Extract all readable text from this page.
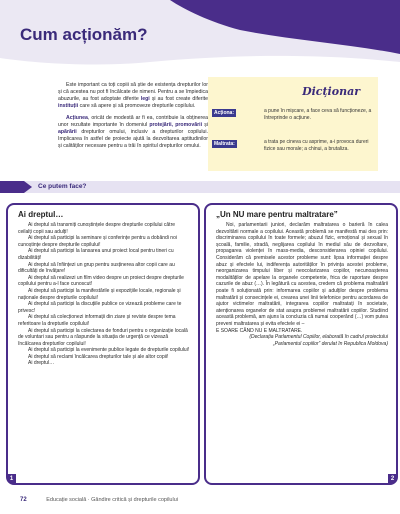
Cum acționăm?

Este important ca toți copiii să știe de existența drepturilor lor și că acestea nu pot fi încălcate de nimeni. Pentru a se împiedica abuzurile, au fost adoptate diferite legi și au fost create diferite instituții care să apere și să promoveze drepturile copilului.

Acțiunea, oricât de modestă ar fi ea, contribuie la obținerea unor rezultate importante în domeniul protejării, promovării și apărării drepturilor omului, inclusiv a drepturilor copilului. Implicarea în astfel de proiecte ajută la dezvoltarea aptitudinilor și calităților necesare pentru a trăi în spiritul drepturilor omului.

Dicționar
Acționa:	a pune în mișcare, a face ceva să funcționeze, a întreprinde o acțiune.
Maltrata:	a trata pe cineva cu asprime, a-i provoca dureri fizice sau morale; a chinui, a brutaliza.
Ce putem face?
Ai dreptul…

Ai dreptul să transmiți cunoștințele despre drepturile copilului către ceilalți copii sau adulți!

Ai dreptul să participi la seminare și conferințe pentru a dobândi noi cunoștințe despre drepturile copilului!

Ai dreptul să participi la lansarea unui proiect local pentru tineri cu dizabilități!

Ai dreptul să înființezi un grup pentru susținerea altor copii care au dificultăți de învățare!

Ai dreptul să realizezi un film video despre un proiect despre drepturile copilului pentru a-l face cunoscut!

Ai dreptul să participi la manifestările și expozițiile locale, regionale și naționale despre drepturile copilului!

Ai dreptul să participi la discuțiile publice ce vizează probleme care te privesc!

Ai dreptul să colecționezi informații din ziare și reviste despre tema referitoare la drepturile copilului!

Ai dreptul să participi la colectarea de fonduri pentru o organizație locală de voluntari sau pentru a răspunde la situația de urgență ce vizează încălcarea drepturilor copilului!

Ai dreptul să participi la evenimente publice legate de drepturile copilului!

Ai dreptul să reclami încălcarea drepturilor tale și ale altor copii!

Ai dreptul…

1
„Un NU mare pentru maltratare”

Noi, parlamentarii juniori, declarăm maltratarea o barieră în calea dezvoltării normale a copilului. Această problemă se manifestă mai des prin: discriminarea copilului în toate formele; abuzul fizic, emoțional și sexual în școală, familie, stradă, neglijarea copilului în mediul său de dezvoltare, propagarea violenței în mass-media, desconsiderarea opiniei copilului. Considerăm că premisele acestor probleme sunt: lipsa informației despre abuz și efectele lui, indiferența autorităților în privința acestei probleme, neorganizarea timpului liber și neocolarizarea copiilor, necunoașterea modalităților de apelare la organele competente, frica de raportare despre cazurile de abuz (…). În legătură cu acestea, credem că problema maltratării poate fi soluționată prin: informarea copiilor și adulților despre problema maltratării și consecințele ei, crearea unei linii telefonice pentru acordarea de ajutor victimelor maltratării, integrarea copiilor maltratați în societate, atenționarea organelor de stat asupra problemei maltratării copiilor. Studiind această problemă, am ajuns la concluzia că numai cooperând (…) vom putea preveni maltratarea și evita efectele ei –

E SOARE CÂND NU E MALTRATARE.

(Declarația Parlamentul Copiilor, elaborată în cadrul proiectului „Parlamentul copiilor” derulat în Republica Moldova)

2
72	Educație socială · Gândire critică și drepturile copilului
